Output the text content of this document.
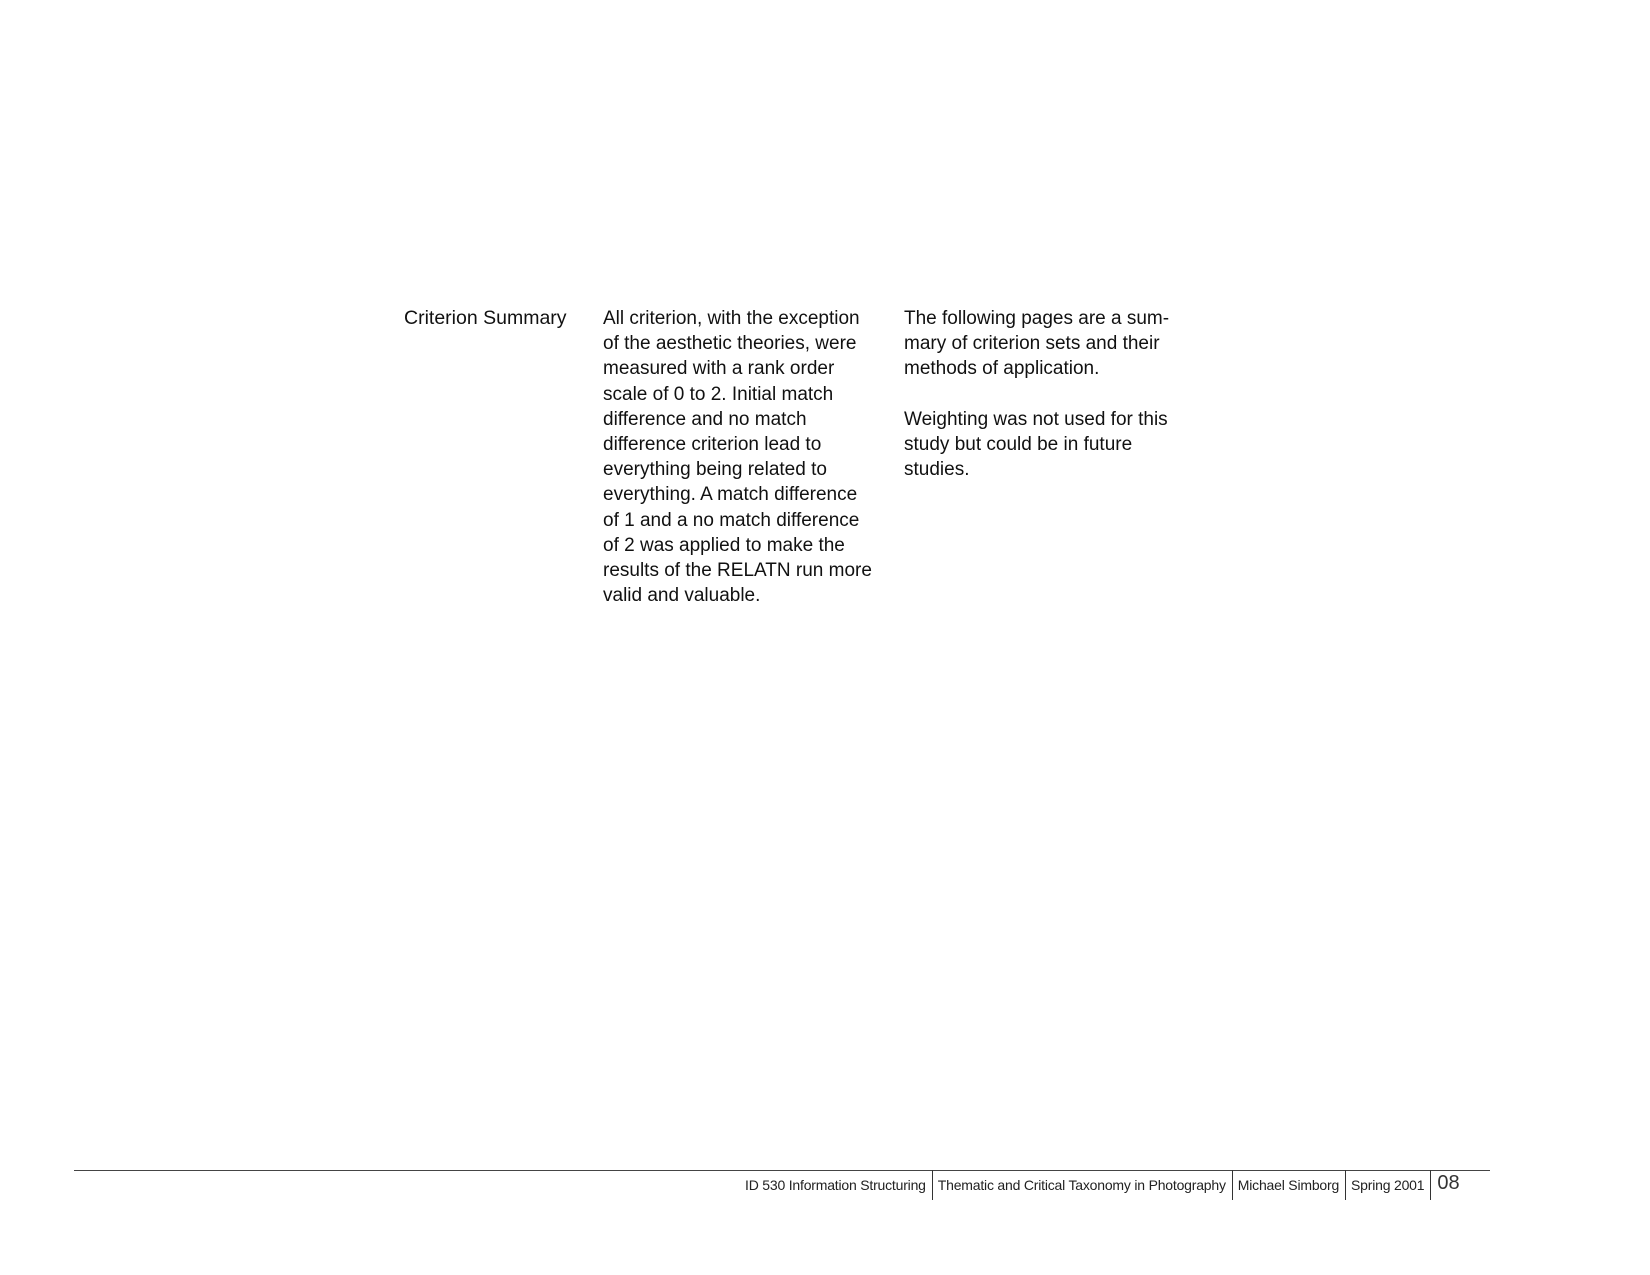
Criterion Summary	All criterion, with the exception
of the aesthetic theories, were
measured with a rank order
scale of 0 to 2. Initial match
difference and no match
difference criterion lead to
everything being related to
everything. A match difference
of 1 and a no match difference
of 2 was applied to make the
results of the RELATN run more
valid and valuable.

The following pages are a sum-
mary of criterion sets and their
methods of application.

Weighting was not used for this
study but could be in future
studies.

ID 530 Information Structuring Thematic and Critical Taxonomy in Photography Michael Simborg Spring 2001 08
